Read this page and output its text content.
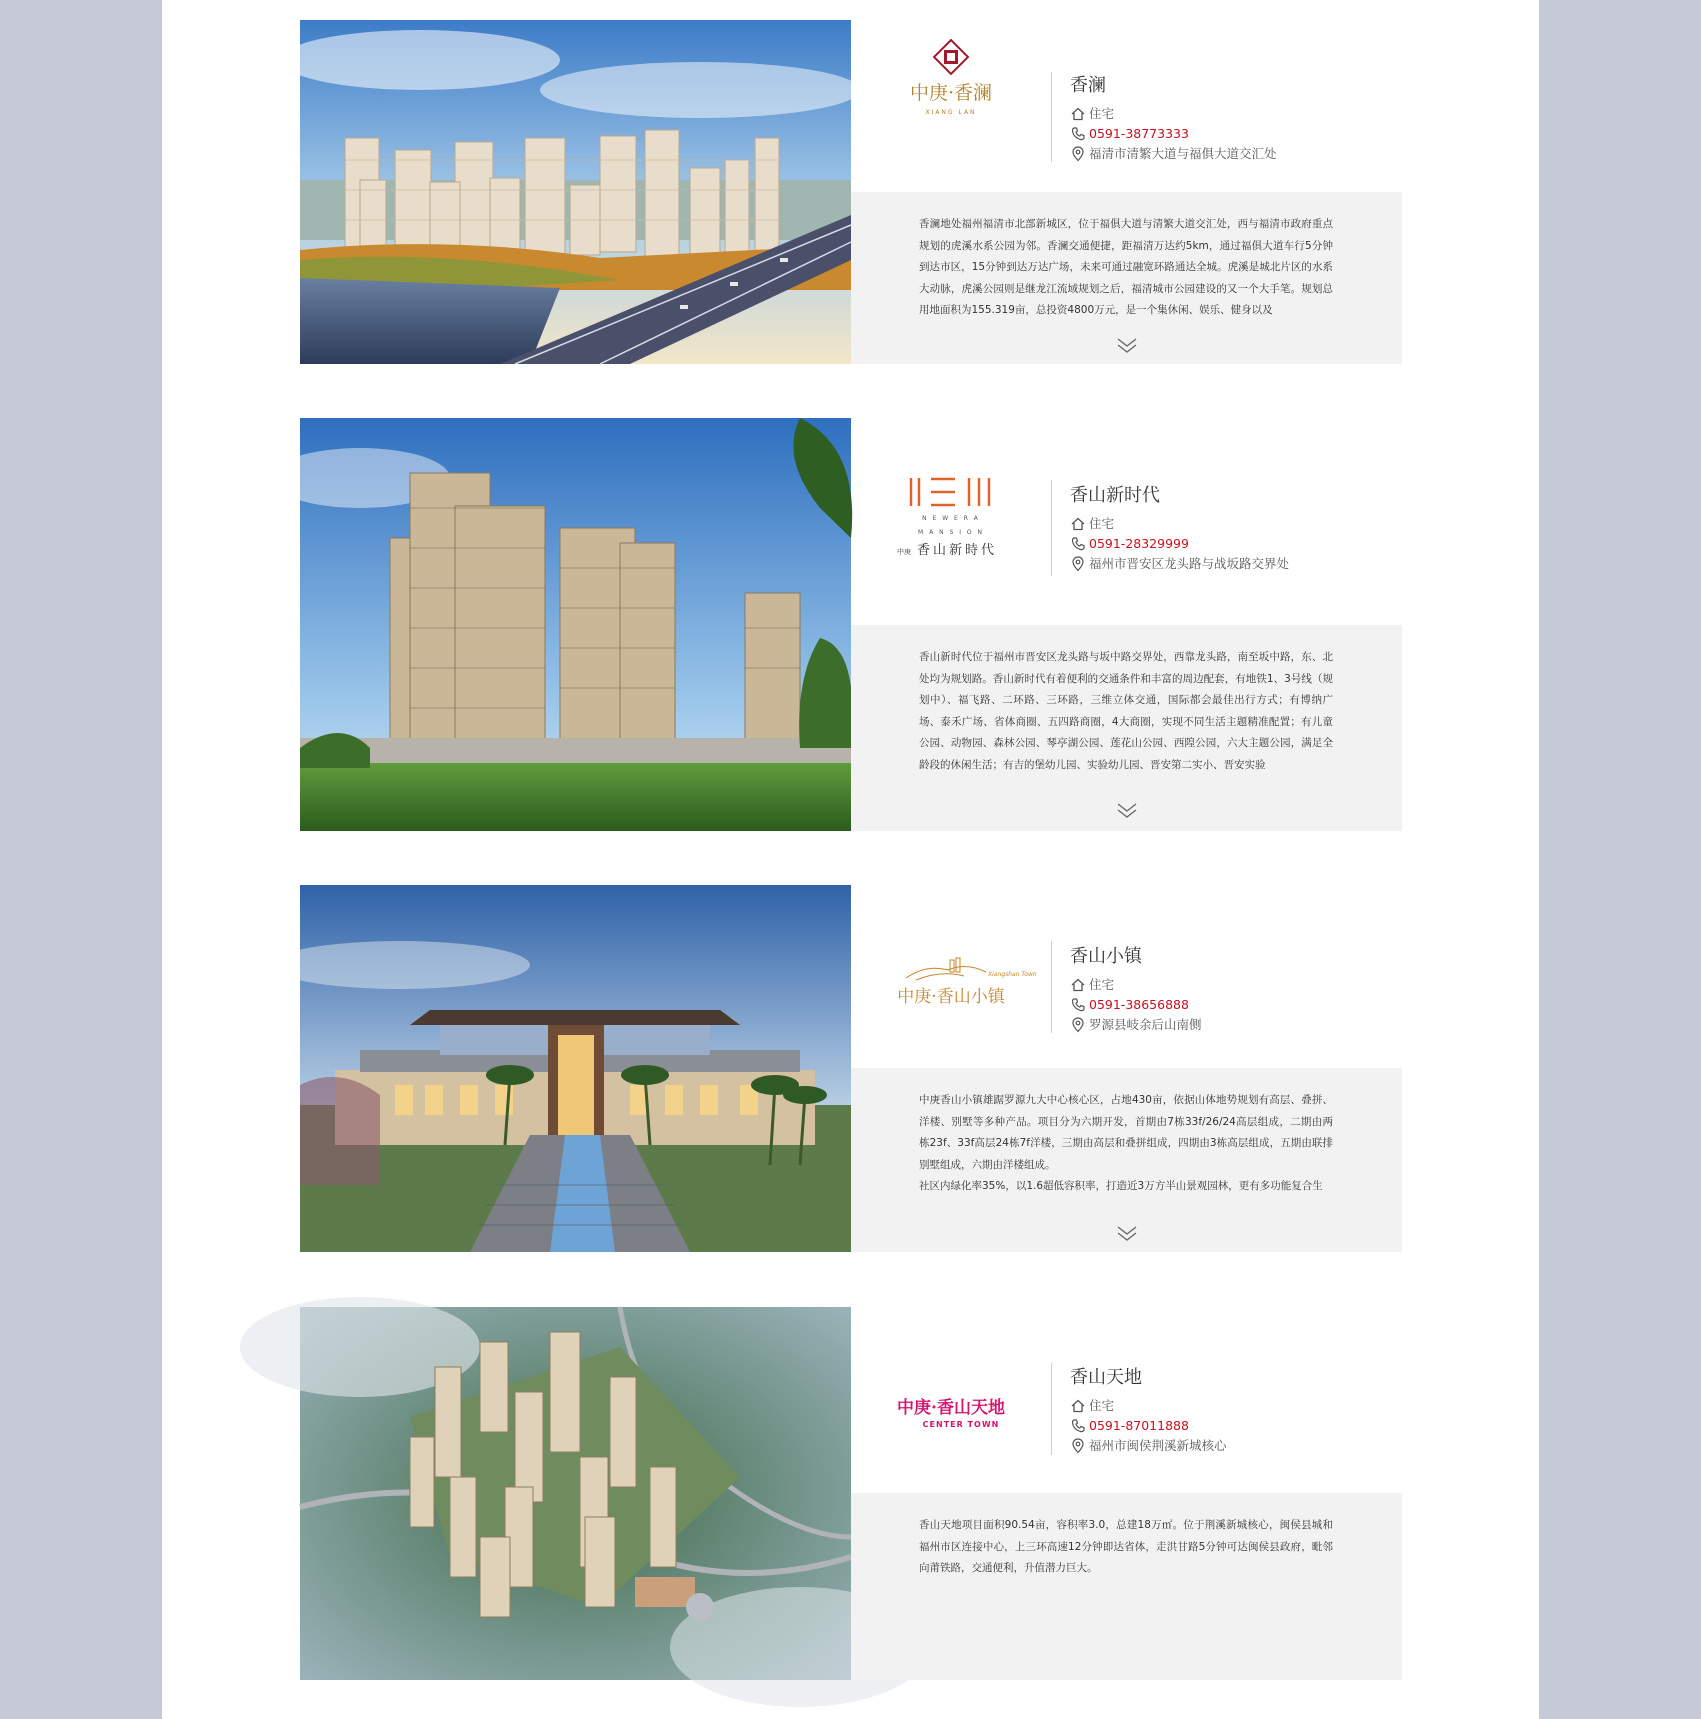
中庚·香澜
XIANG LAN
香澜
住宅
0591-38773333
福清市清繁大道与福俱大道交汇处
香澜地处福州福清市北部新城区，位于福俱大道与清繁大道交汇处，西与福清市政府重点规划的虎溪水系公园为邻。香澜交通便捷，距福清万达约5km，通过福俱大道车行5分钟到达市区，15分钟到达万达广场，未来可通过融宽环路通达全城。虎溪是城北片区的水系大动脉，虎溪公园则是继龙江流域规划之后，福清城市公园建设的又一个大手笔。规划总用地面积为155.319亩，总投资4800万元，是一个集休闲、娱乐、健身以及
N E W E R A
M A N S I O N
中庚 香山新時代
香山新时代
住宅
0591-28329999
福州市晋安区龙头路与战坂路交界处
香山新时代位于福州市晋安区龙头路与坂中路交界处，西靠龙头路，南至坂中路，东、北处均为规划路。香山新时代有着便利的交通条件和丰富的周边配套，有地铁1、3号线（规划中）、福飞路、二环路、三环路，三维立体交通，国际都会最佳出行方式；有博纳广场、泰禾广场、省体商圈、五四路商圈，4大商圈，实现不同生活主题精准配置；有儿童公园、动物园、森林公园、琴亭湖公园、莲花山公园、西隍公园，六大主题公园，满足全龄段的休闲生活；有吉的堡幼儿园、实验幼儿园、晋安第二实小、晋安实验
Xiangshan Town
中庚·香山小镇
香山小镇
住宅
0591-38656888
罗源县岐余后山南侧
中庚香山小镇雄踞罗源九大中心核心区，占地430亩，依据山体地势规划有高层、叠拼、洋楼、别墅等多种产品。项目分为六期开发，首期由7栋33f/26/24高层组成，二期由两栋23f、33f高层24栋7f洋楼，三期由高层和叠拼组成，四期由3栋高层组成，五期由联排别墅组成，六期由洋楼组成。
社区内绿化率35%，以1.6超低容积率，打造近3万方半山景观园林，更有多功能复合生
中庚·香山天地
CENTER TOWN
香山天地
住宅
0591-87011888
福州市闽侯荆溪新城核心
香山天地项目面积90.54亩，容积率3.0，总建18万㎡。位于荆溪新城核心，闽侯县城和福州市区连接中心，上三环高速12分钟即达省体，走洪甘路5分钟可达闽侯县政府，毗邻向莆铁路，交通便利，升值潜力巨大。
